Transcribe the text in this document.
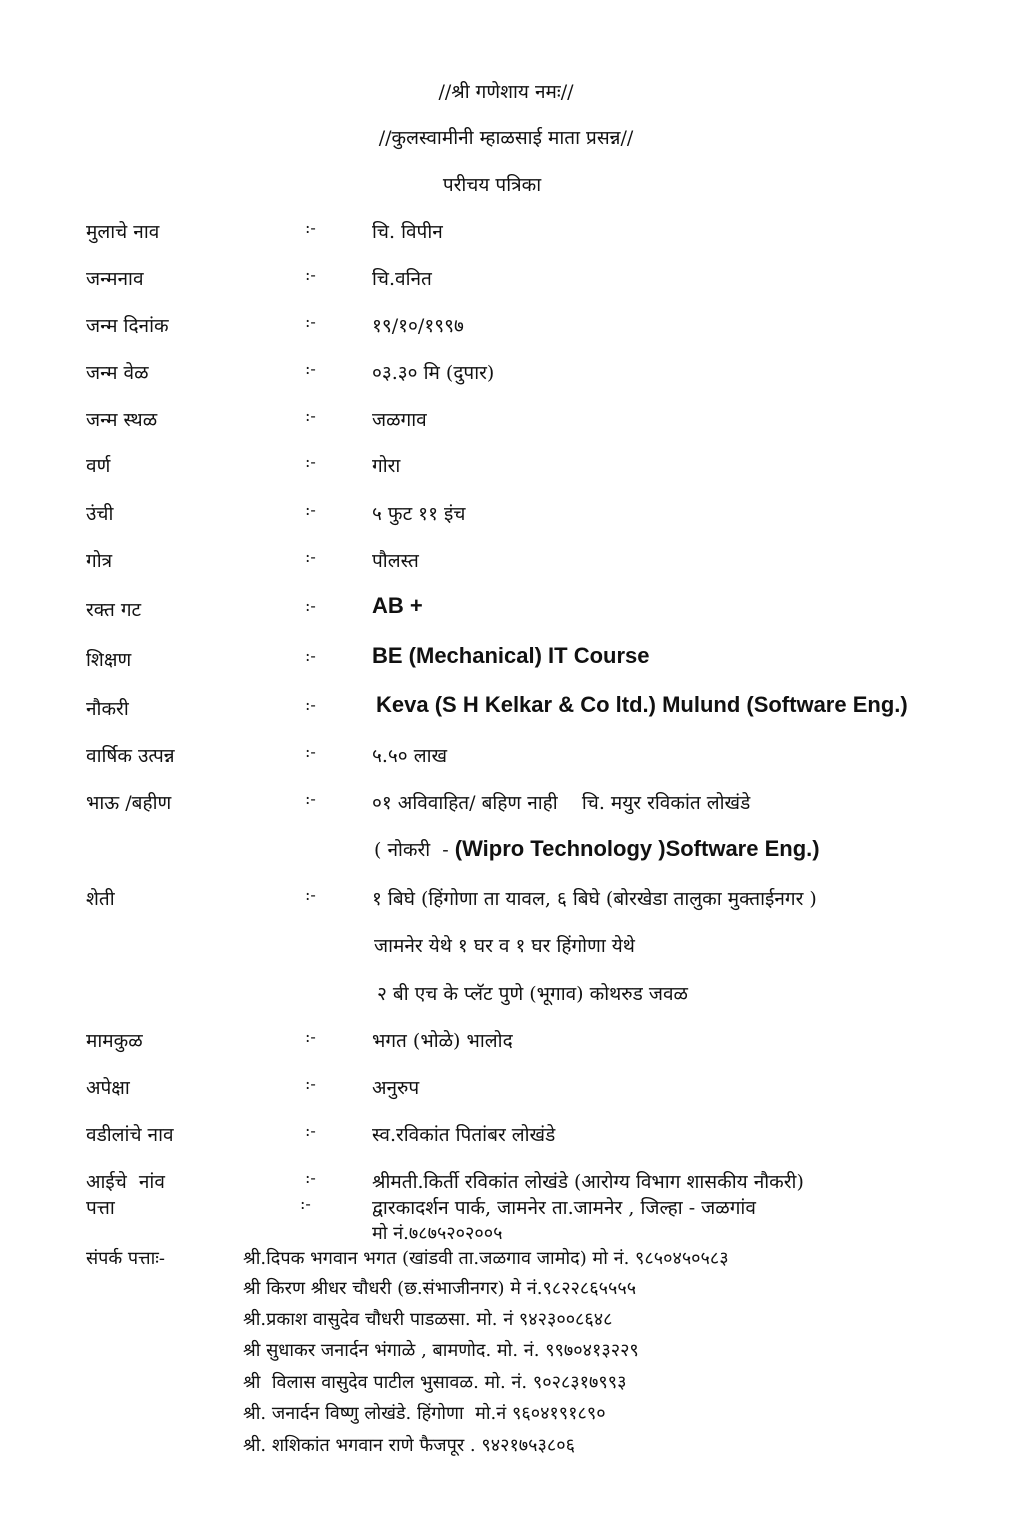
//श्री गणेशाय नमः//
//कुलस्वामीनी म्हाळसाई माता प्रसन्न//
परीचय पत्रिका
मुलाचे नाव	:-	चि. विपीन
जन्मनाव	:-	चि.वनित
जन्म दिनांक	:-	१९/१०/१९९७
जन्म वेळ	:-	०३.३० मि (दुपार)
जन्म स्थळ	:-	जळगाव
वर्ण	:-	गोरा
उंची	:-	५ फुट ११ इंच
गोत्र	:-	पौलस्त
रक्त गट	:-	AB +
शिक्षण	:-	BE (Mechanical) IT Course
नौकरी	:-	Keva (S H Kelkar & Co ltd.) Mulund (Software Eng.)
वार्षिक उत्पन्न	:-	५.५० लाख
भाऊ /बहीण	:-	०१ अविवाहित/ बहिण नाही    चि. मयुर रविकांत लोखंडे
( नोकरी  - (Wipro Technology )Software Eng.)
शेती	:-	१ बिघे (हिंगोणा ता यावल, ६ बिघे (बोरखेडा तालुका मुक्ताईनगर )
जामनेर येथे १ घर व १ घर हिंगोणा येथे
२ बी एच के प्लॅट पुणे (भूगाव) कोथरुड जवळ
मामकुळ	:-	भगत (भोळे) भालोद
अपेक्षा	:-	अनुरुप
वडीलांचे नाव	:-	स्व.रविकांत पितांबर लोखंडे
आईचे  नांव	:-	श्रीमती.किर्ती रविकांत लोखंडे (आरोग्य विभाग शासकीय नौकरी)
पत्ता	:-	द्वारकादर्शन पार्क, जामनेर ता.जामनेर , जिल्हा - जळगांव
मो नं.७८७५२०२००५
संपर्क पत्ताः-	श्री.दिपक भगवान भगत (खांडवी ता.जळगाव जामोद) मो नं. ९८५०४५०५८३
श्री किरण श्रीधर चौधरी (छ.संभाजीनगर) मे नं.९८२२८६५५५५
श्री.प्रकाश वासुदेव चौधरी पाडळसा. मो. नं ९४२३००८६४८
श्री सुधाकर जनार्दन भंगाळे , बामणोद. मो. नं. ९९७०४१३२२९
श्री  विलास वासुदेव पाटील भुसावळ. मो. नं. ९०२८३१७९९३
श्री. जनार्दन विष्णु लोखंडे. हिंगोणा  मो.नं ९६०४१९१८९०
श्री. शशिकांत भगवान राणे फैजपूर . ९४२१७५३८०६
